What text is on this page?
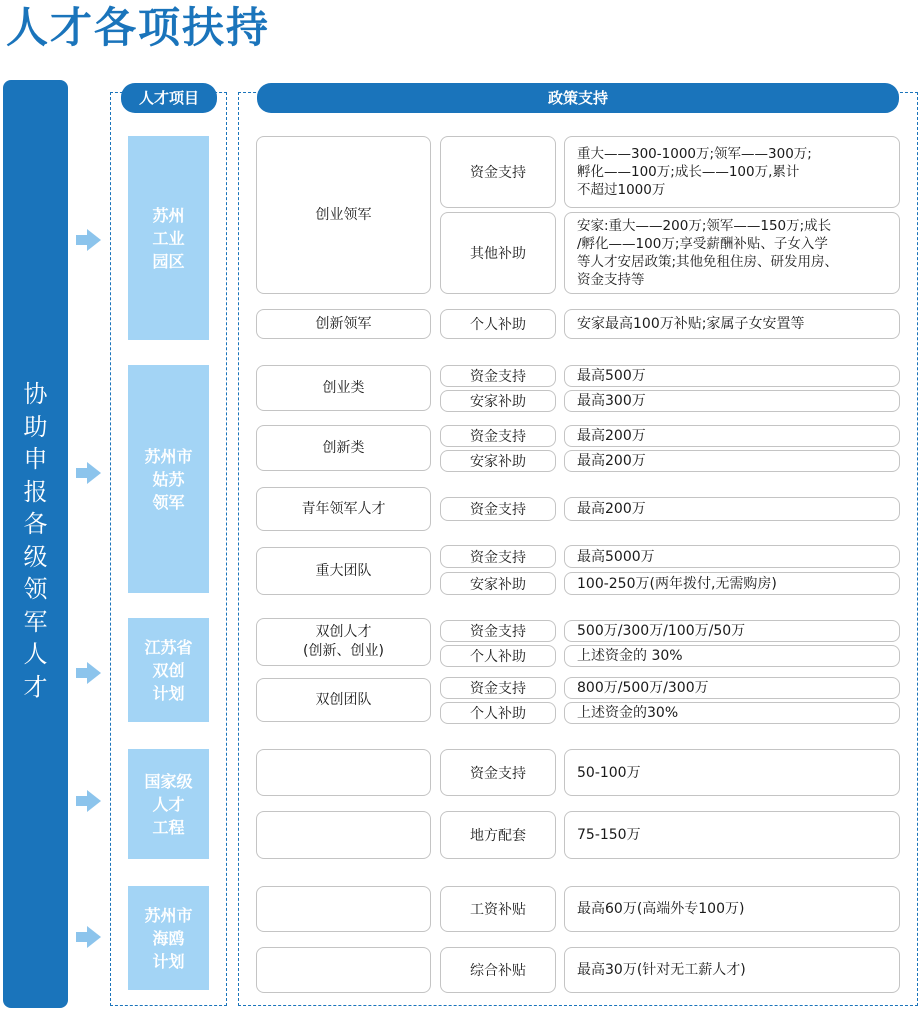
人才各项扶持
协
助
申
报
各
级
领
军
人
才
人才项目	政策支持
苏州
工业
园区
苏州市
姑苏
领军
江苏省
双创
计划
国家级
人才
工程
苏州市
海鸥
计划
创业领军
创新领军
创业类
创新类
青年领军人才
重大团队
双创人才
(创新、创业)
双创团队
资金支持
其他补助
个人补助
资金支持
安家补助
资金支持
安家补助
资金支持
资金支持
安家补助
资金支持
个人补助
资金支持
个人补助
资金支持
地方配套
工资补贴
综合补贴
重大——300-1000万;领军——300万;
孵化——100万;成长——100万,累计
不超过1000万
安家:重大——200万;领军——150万;成长
/孵化——100万;享受薪酬补贴、子女入学
等人才安居政策;其他免租住房、研发用房、
资金支持等
安家最高100万补贴;家属子女安置等
最高500万
最高300万
最高200万
最高200万
最高200万
最高5000万
100-250万(两年拨付,无需购房)
500万/300万/100万/50万
上述资金的 30%
800万/500万/300万
上述资金的30%
50-100万
75-150万
最高60万(高端外专100万)
最高30万(针对无工薪人才)
